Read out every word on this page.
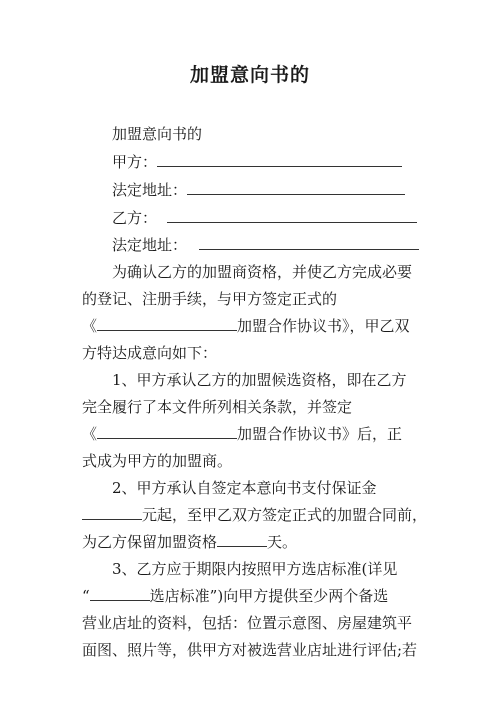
加盟意向书的
加盟意向书的
甲方：
法定地址：
乙方：
法定地址：
为确认乙方的加盟商资格，并使乙方完成必要
的登记、注册手续，与甲方签定正式的
《	加盟合作协议书》，甲乙双
方特达成意向如下：
1、甲方承认乙方的加盟候选资格，即在乙方
完全履行了本文件所列相关条款，并签定
《	加盟合作协议书》后，正
式成为甲方的加盟商。
2、甲方承认自签定本意向书支付保证金
元起，至甲乙双方签定正式的加盟合同前，
为乙方保留加盟资格	天。
3、乙方应于期限内按照甲方选店标准(详见
“	选店标准”)向甲方提供至少两个备选
营业店址的资料，包括：位置示意图、房屋建筑平
面图、照片等，供甲方对被选营业店址进行评估;若
